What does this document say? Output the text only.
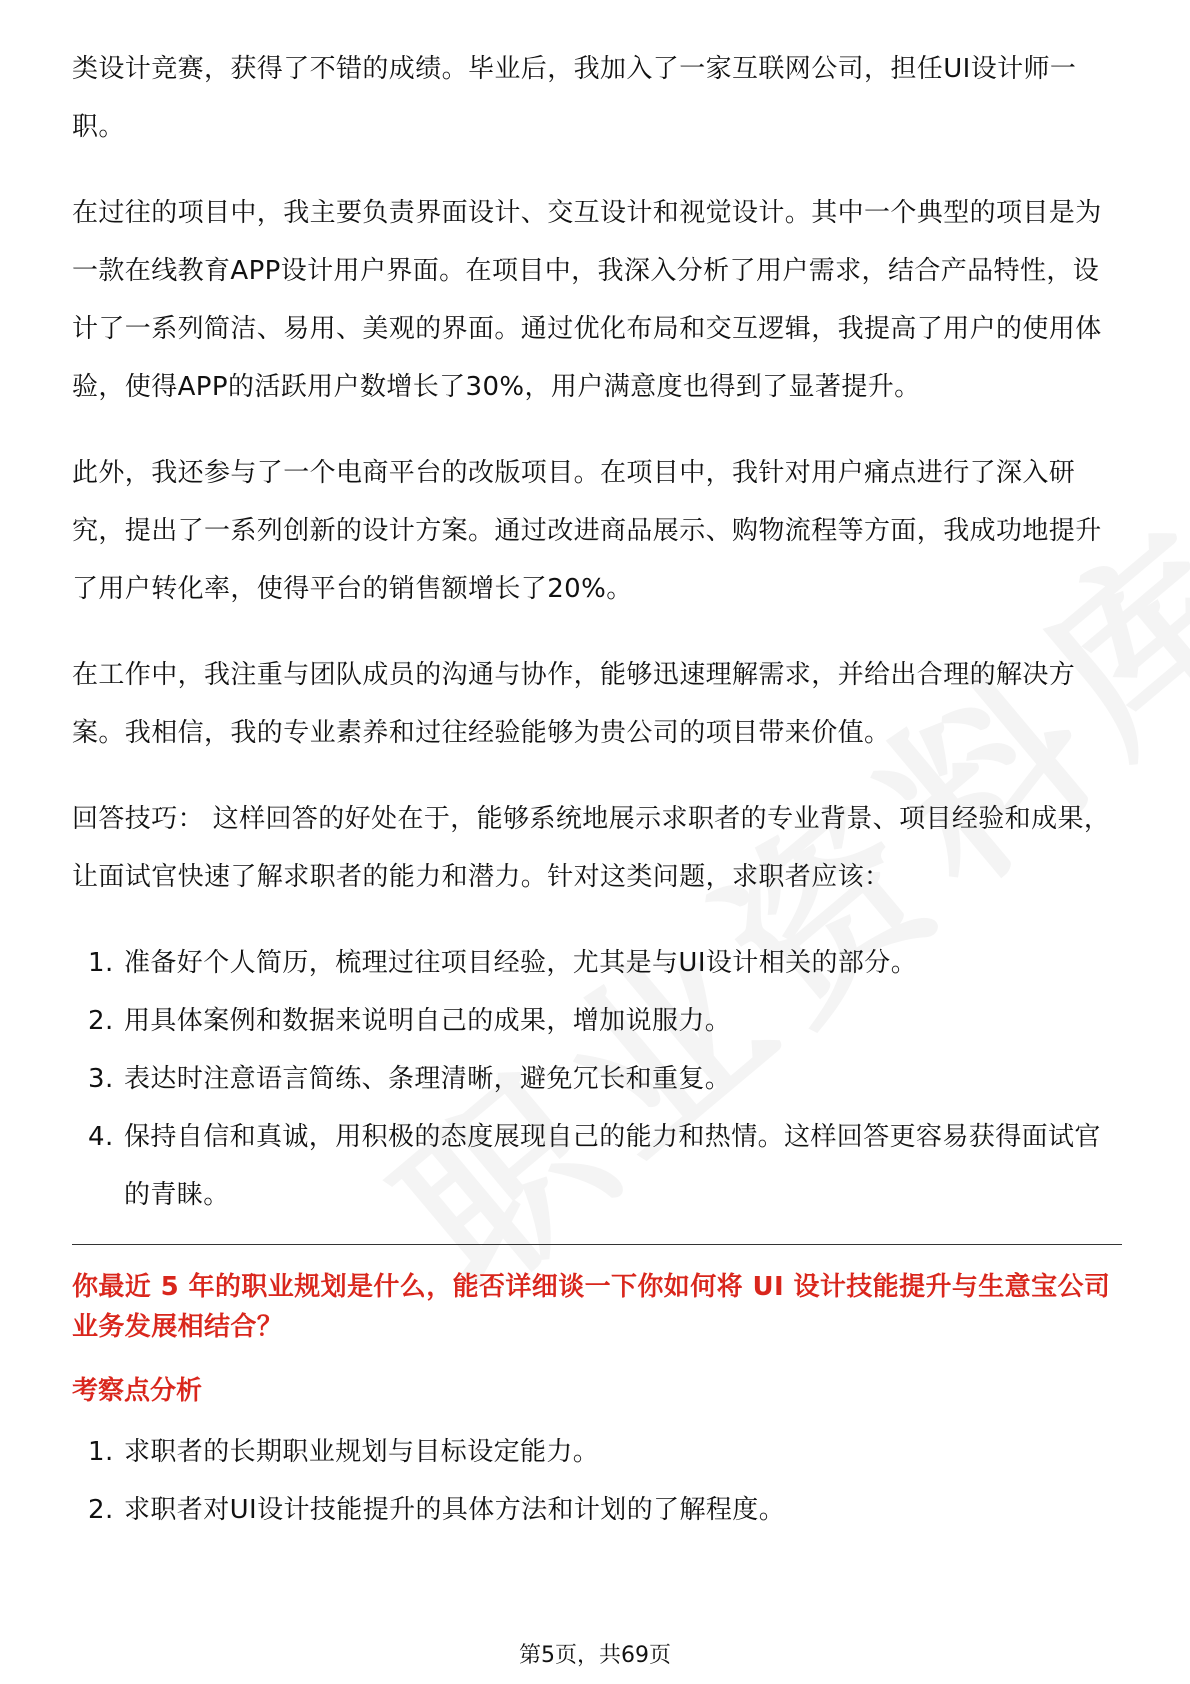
类设计竞赛，获得了不错的成绩。毕业后，我加入了一家互联网公司，担任UI设计师一职。

在过往的项目中，我主要负责界面设计、交互设计和视觉设计。其中一个典型的项目是为一款在线教育APP设计用户界面。在项目中，我深入分析了用户需求，结合产品特性，设计了一系列简洁、易用、美观的界面。通过优化布局和交互逻辑，我提高了用户的使用体验，使得APP的活跃用户数增长了30%，用户满意度也得到了显著提升。

此外，我还参与了一个电商平台的改版项目。在项目中，我针对用户痛点进行了深入研究，提出了一系列创新的设计方案。通过改进商品展示、购物流程等方面，我成功地提升了用户转化率，使得平台的销售额增长了20%。

在工作中，我注重与团队成员的沟通与协作，能够迅速理解需求，并给出合理的解决方案。我相信，我的专业素养和过往经验能够为贵公司的项目带来价值。

回答技巧： 这样回答的好处在于，能够系统地展示求职者的专业背景、项目经验和成果，让面试官快速了解求职者的能力和潜力。针对这类问题，求职者应该：

1. 准备好个人简历，梳理过往项目经验，尤其是与UI设计相关的部分。
2. 用具体案例和数据来说明自己的成果，增加说服力。
3. 表达时注意语言简练、条理清晰，避免冗长和重复。
4. 保持自信和真诚，用积极的态度展现自己的能力和热情。这样回答更容易获得面试官的青睐。
你最近 5 年的职业规划是什么，能否详细谈一下你如何将 UI 设计技能提升与生意宝公司业务发展相结合？
考察点分析
1. 求职者的长期职业规划与目标设定能力。
2. 求职者对UI设计技能提升的具体方法和计划的了解程度。
第5页，共69页
